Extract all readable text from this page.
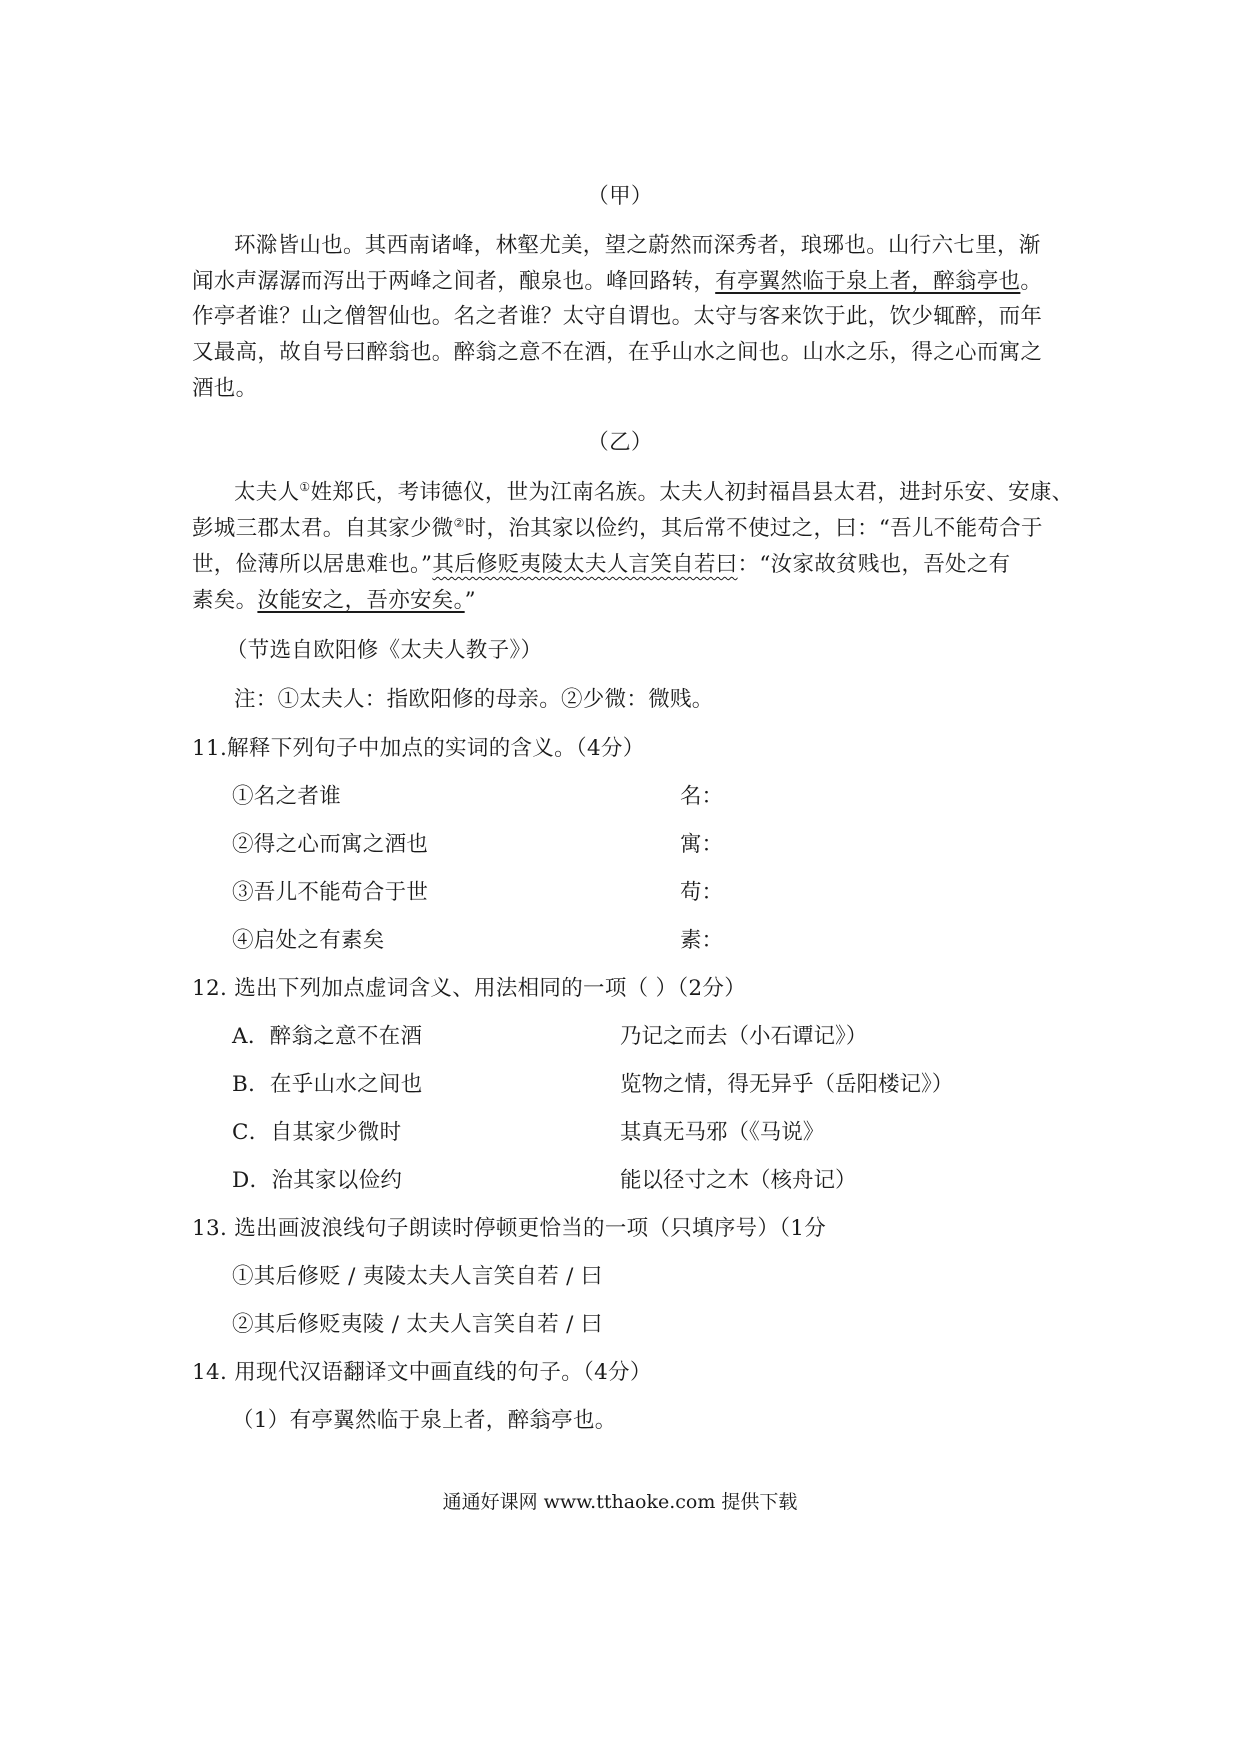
（甲）
环滁皆山也。其西南诸峰，林壑尤美，望之蔚然而深秀者，琅琊也。山行六七里，渐
闻水声潺潺而泻出于两峰之间者，酿泉也。峰回路转，有亭翼然临于泉上者，醉翁亭也。
作亭者谁？山之僧智仙也。名之者谁？太守自谓也。太守与客来饮于此，饮少辄醉，而年
又最高，故自号曰醉翁也。醉翁之意不在酒，在乎山水之间也。山水之乐，得之心而寓之
酒也。
（乙）
太夫人①姓郑氏，考讳德仪，世为江南名族。太夫人初封福昌县太君，进封乐安、安康、
彭城三郡太君。自其家少微②时，治其家以俭约，其后常不使过之，曰：“吾儿不能苟合于
世，俭薄所以居患难也。”其后修贬夷陵太夫人言笑自若曰：“汝家故贫贱也，吾处之有
素矣。汝能安之，吾亦安矣。”
（节选自欧阳修《太夫人教子》）
注：①太夫人：指欧阳修的母亲。②少微：微贱。
11.解释下列句子中加点的实词的含义。（4分）
①名之者谁	名：
②得之心而寓之酒也	寓：
③吾儿不能苟合于世	苟：
④启处之有素矣	素：
12. 选出下列加点虚词含义、用法相同的一项（ ）（2分）
A．醉翁之意不在酒	乃记之而去（小石谭记》）
B．在乎山水之间也	览物之情，得无异乎（岳阳楼记》）
C．自其家少微时	其真无马邪（《马说》
D．治其家以俭约	能以径寸之木（核舟记）
13. 选出画波浪线句子朗读时停顿更恰当的一项（只填序号）（1分
①其后修贬 / 夷陵太夫人言笑自若 / 曰
②其后修贬夷陵 / 太夫人言笑自若 / 曰
14. 用现代汉语翻译文中画直线的句子。（4分）
（1）有亭翼然临于泉上者，醉翁亭也。
通通好课网 www.tthaoke.com 提供下载
